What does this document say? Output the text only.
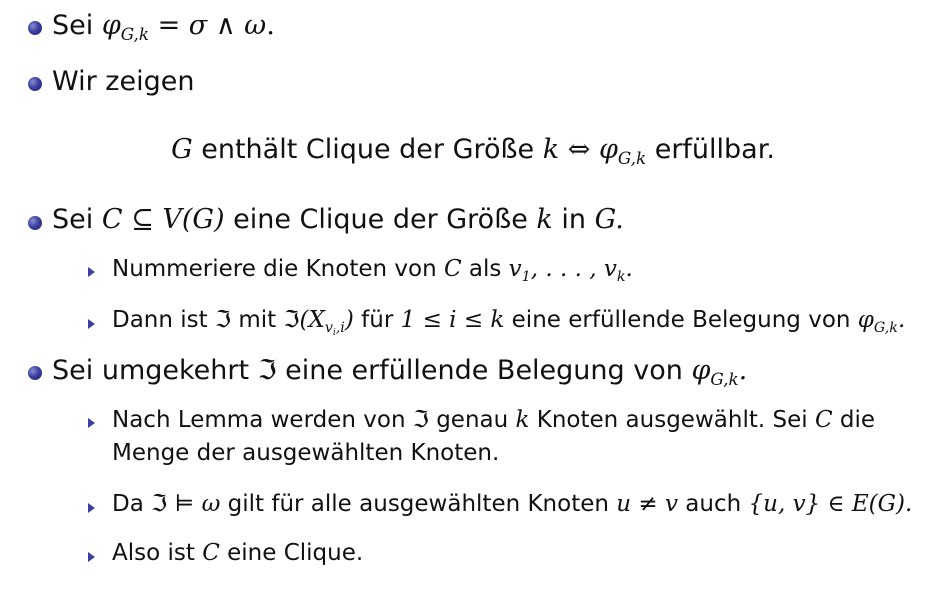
Sei $\varphi_{G,k} = \sigma$ ∧ ω.
Wir zeigen
G enthält Clique der Größe k ⇔ $\varphi_{G,k}$ erfüllbar.
Sei C ⊆ V(G) eine Clique der Größe k in G.
Nummeriere die Knoten von C als $v_1$, . . . , $v_k$.
Dann ist ℑ mit $ℑ(X_{v_i,i})$ für 1 ≤ i ≤ k eine erfüllende Belegung von $\varphi_{G,k}$.
Sei umgekehrt ℑ eine erfüllende Belegung von $\varphi_{G,k}$.
Nach Lemma werden von ℑ genau k Knoten ausgewählt. Sei C die
Menge der ausgewählten Knoten.
Da ℑ ⊨ ω gilt für alle ausgewählten Knoten u ≠ v auch {u, v} ∈ E(G).
Also ist C eine Clique.
